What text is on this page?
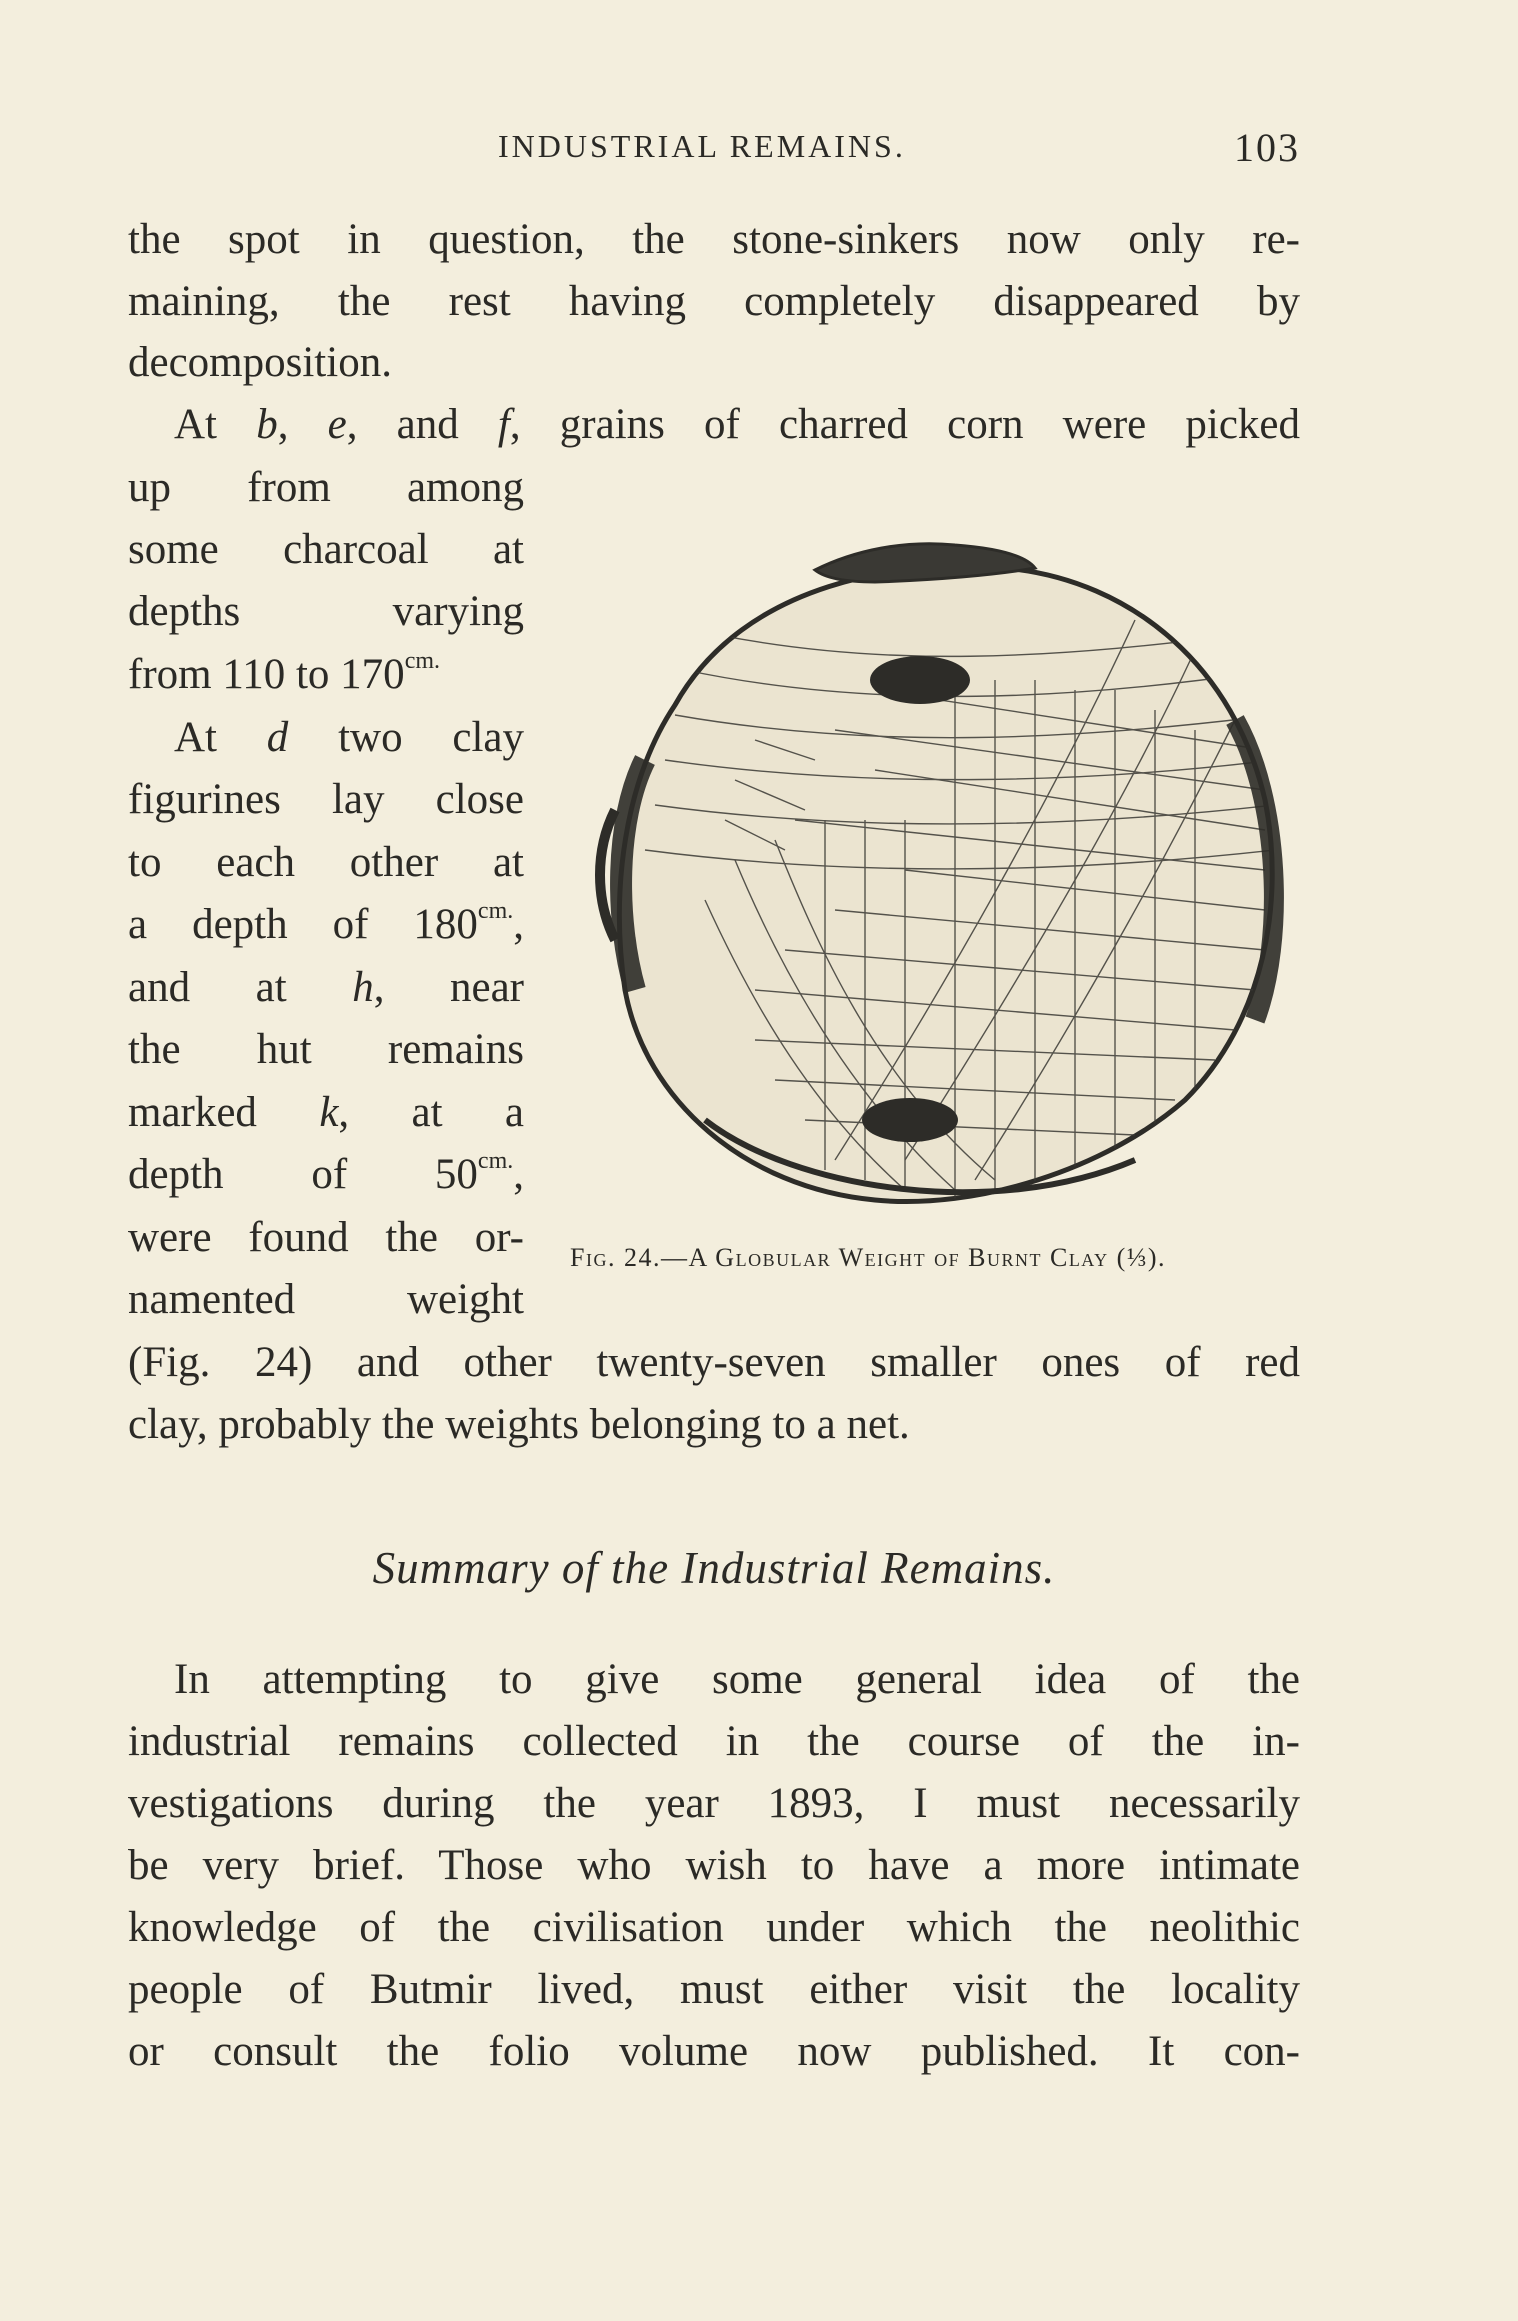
INDUSTRIAL REMAINS.	103
the spot in question, the stone-sinkers now only re-
maining, the rest having completely disappeared by
decomposition.
At b, e, and f, grains of charred corn were picked
up from among
some charcoal at
depths varying
from 110 to $170^{cm.}$
At d two clay
figurines lay close
to each other at
a depth of $180^{cm.}$,
and at h, near
the hut remains
marked k, at a
depth of $50^{cm.}$,
were found the or-
namented weight
(Fig. 24) and other twenty-seven smaller ones of red
clay, probably the weights belonging to a net.
Fig. 24.—A Globular Weight of Burnt Clay (⅓).
Summary of the Industrial Remains.
In attempting to give some general idea of the
industrial remains collected in the course of the in-
vestigations during the year 1893, I must necessarily
be very brief. Those who wish to have a more intimate
knowledge of the civilisation under which the neolithic
people of Butmir lived, must either visit the locality
or consult the folio volume now published. It con-
